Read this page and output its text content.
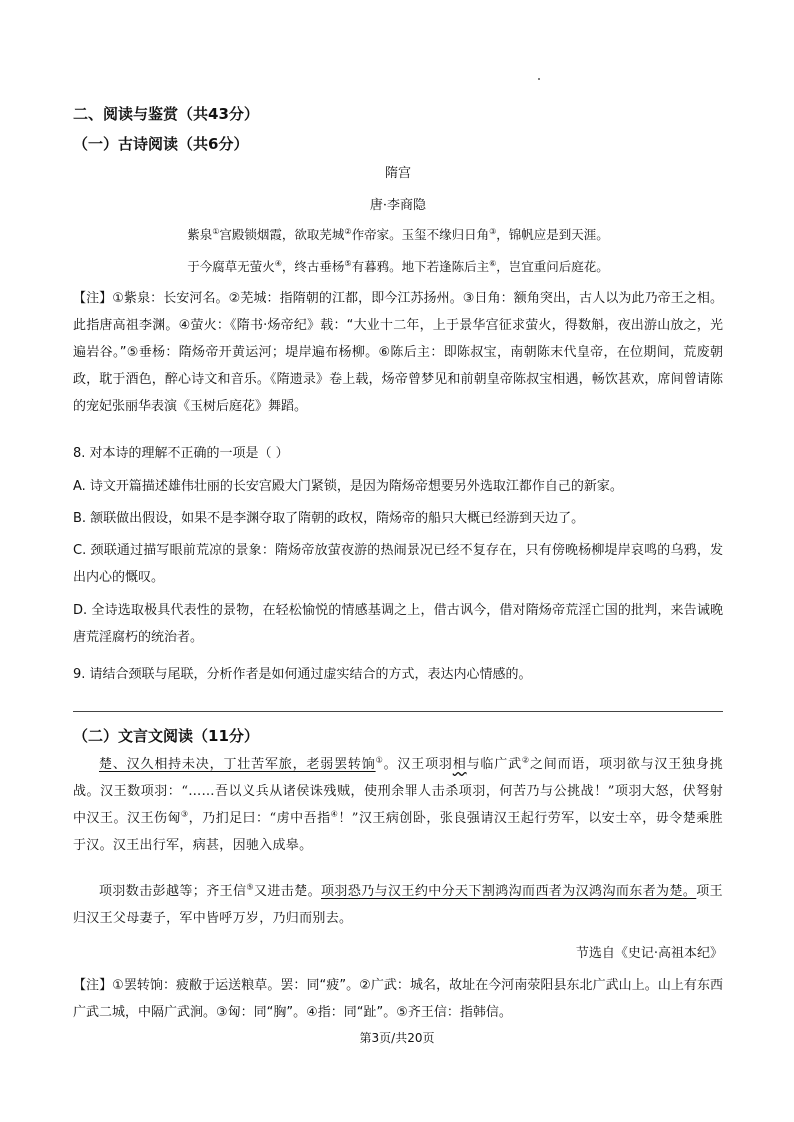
二、阅读与鉴赏（共43分）
（一）古诗阅读（共6分）
隋宫
唐·李商隐
紫泉①宫殿锁烟霞，欲取芜城②作帝家。玉玺不缘归日角③，锦帆应是到天涯。
于今腐草无萤火④，终古垂杨⑤有暮鸦。地下若逢陈后主⑥，岂宜重问后庭花。
【注】①紫泉：长安河名。②芜城：指隋朝的江都，即今江苏扬州。③日角：额角突出，古人以为此乃帝王之相。此指唐高祖李渊。④萤火：《隋书·炀帝纪》载：“大业十二年，上于景华宫征求萤火，得数斛，夜出游山放之，光遍岩谷。”⑤垂杨：隋炀帝开黄运河；堤岸遍布杨柳。⑥陈后主：即陈叔宝，南朝陈末代皇帝，在位期间，荒废朝政，耽于酒色，醉心诗文和音乐。《隋遗录》卷上载，炀帝曾梦见和前朝皇帝陈叔宝相遇，畅饮甚欢，席间曾请陈的宠妃张丽华表演《玉树后庭花》舞蹈。
8. 对本诗的理解不正确的一项是（ ）
A. 诗文开篇描述雄伟壮丽的长安宫殿大门紧锁，是因为隋炀帝想要另外选取江都作自己的新家。
B. 颔联做出假设，如果不是李渊夺取了隋朝的政权，隋炀帝的船只大概已经游到天边了。
C. 颈联通过描写眼前荒凉的景象：隋炀帝放萤夜游的热闹景况已经不复存在，只有傍晚杨柳堤岸哀鸣的乌鸦，发出内心的慨叹。
D. 全诗选取极具代表性的景物，在轻松愉悦的情感基调之上，借古讽今，借对隋炀帝荒淫亡国的批判，来告诫晚唐荒淫腐朽的统治者。
9. 请结合颈联与尾联，分析作者是如何通过虚实结合的方式，表达内心情感的。
（二）文言文阅读（11分）
楚、汉久相持未决，丁壮苦军旅，老弱罢转饷①。汉王项羽相与临广武②之间而语，项羽欲与汉王独身挑战。汉王数项羽：“……吾以义兵从诸侯诛残贼，使刑余罪人击杀项羽，何苦乃与公挑战！”项羽大怒，伏弩射中汉王。汉王伤匈③，乃扪足曰：“虏中吾指④！”汉王病创卧，张良强请汉王起行劳军，以安士卒，毋令楚乘胜于汉。汉王出行军，病甚，因驰入成皋。
项羽数击彭越等；齐王信⑤又进击楚。项羽恐乃与汉王约中分天下割鸿沟而西者为汉鸿沟而东者为楚。项王归汉王父母妻子，军中皆呼万岁，乃归而别去。
节选自《史记·高祖本纪》
【注】①罢转饷：疲敝于运送粮草。罢：同“疲”。②广武：城名，故址在今河南荥阳县东北广武山上。山上有东西广武二城，中隔广武涧。③匈：同“胸”。④指：同“趾”。⑤齐王信：指韩信。
第3页/共20页
